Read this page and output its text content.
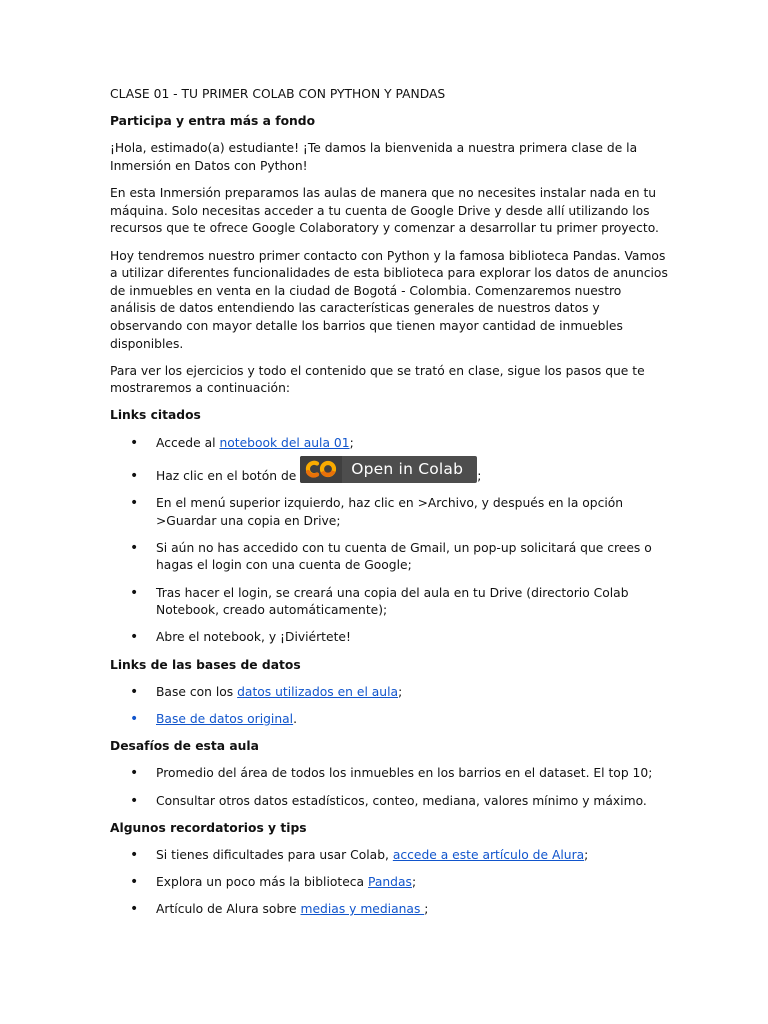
CLASE 01 - TU PRIMER COLAB CON PYTHON Y PANDAS

Participa y entra más a fondo

¡Hola, estimado(a) estudiante! ¡Te damos la bienvenida a nuestra primera clase de la Inmersión en Datos con Python!

En esta Inmersión preparamos las aulas de manera que no necesites instalar nada en tu máquina. Solo necesitas acceder a tu cuenta de Google Drive y desde allí utilizando los recursos que te ofrece Google Colaboratory y comenzar a desarrollar tu primer proyecto.

Hoy tendremos nuestro primer contacto con Python y la famosa biblioteca Pandas. Vamos a utilizar diferentes funcionalidades de esta biblioteca para explorar los datos de anuncios de inmuebles en venta en la ciudad de Bogotá - Colombia. Comenzaremos nuestro análisis de datos entendiendo las características generales de nuestros datos y observando con mayor detalle los barrios que tienen mayor cantidad de inmuebles disponibles.

Para ver los ejercicios y todo el contenido que se trató en clase, sigue los pasos que te mostraremos a continuación:

Links citados

• Accede al notebook del aula 01;
• Haz clic en el botón de	Open in Colab ;
• En el menú superior izquierdo, haz clic en >Archivo, y después en la opción >Guardar una copia en Drive;
• Si aún no has accedido con tu cuenta de Gmail, un pop-up solicitará que crees o hagas el login con una cuenta de Google;
• Tras hacer el login, se creará una copia del aula en tu Drive (directorio Colab Notebook, creado automáticamente);
• Abre el notebook, y ¡Diviértete!

Links de las bases de datos

• Base con los datos utilizados en el aula;
• Base de datos original.

Desafíos de esta aula

• Promedio del área de todos los inmuebles en los barrios en el dataset. El top 10;
• Consultar otros datos estadísticos, conteo, mediana, valores mínimo y máximo.

Algunos recordatorios y tips

• Si tienes dificultades para usar Colab, accede a este artículo de Alura;
• Explora un poco más la biblioteca Pandas;
• Artículo de Alura sobre medias y medianas ;
